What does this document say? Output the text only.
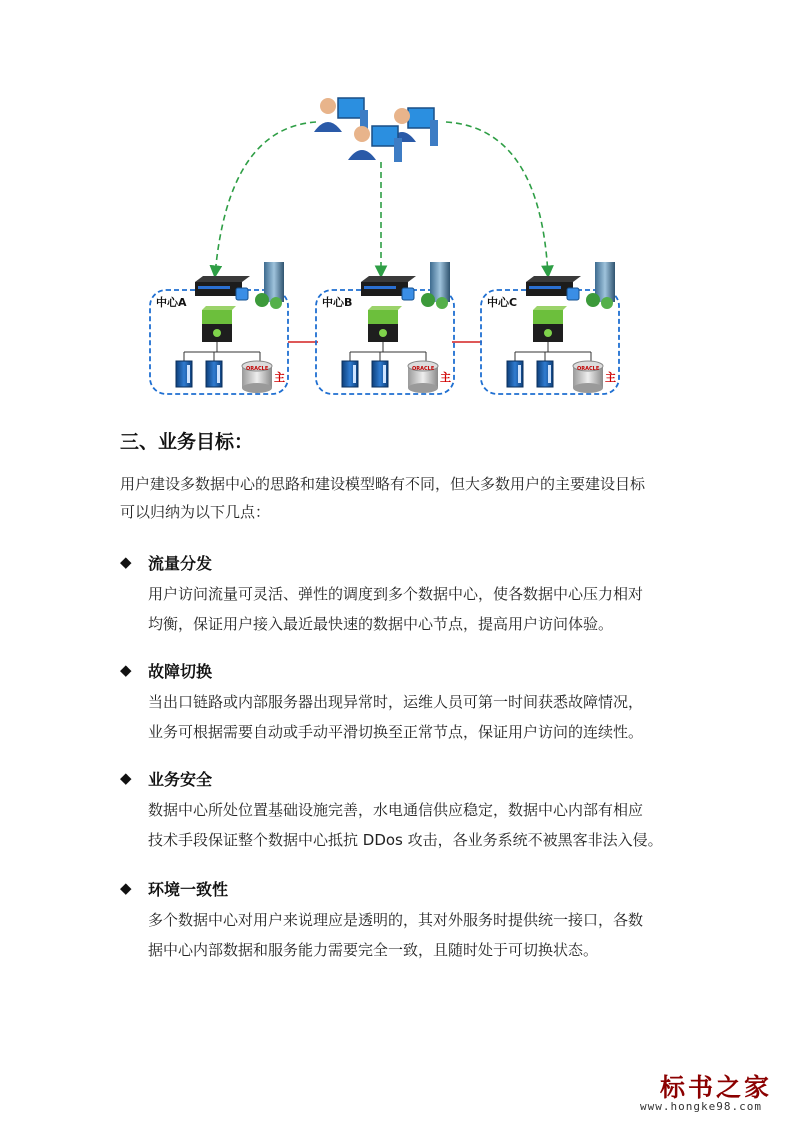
中心A
ORACLE
主
中心B
ORACLE
主
中心C
ORACLE
主
三、业务目标：
用户建设多数据中心的思路和建设模型略有不同，但大多数用户的主要建设目标
可以归纳为以下几点：
◆ 流量分发
用户访问流量可灵活、弹性的调度到多个数据中心，使各数据中心压力相对
均衡，保证用户接入最近最快速的数据中心节点，提高用户访问体验。
◆ 故障切换
当出口链路或内部服务器出现异常时，运维人员可第一时间获悉故障情况，
业务可根据需要自动或手动平滑切换至正常节点，保证用户访问的连续性。
◆ 业务安全
数据中心所处位置基础设施完善，水电通信供应稳定，数据中心内部有相应
技术手段保证整个数据中心抵抗 DDos 攻击，各业务系统不被黑客非法入侵。
◆ 环境一致性
多个数据中心对用户来说理应是透明的，其对外服务时提供统一接口，各数
据中心内部数据和服务能力需要完全一致，且随时处于可切换状态。
标书之家
www.hongke98.com
